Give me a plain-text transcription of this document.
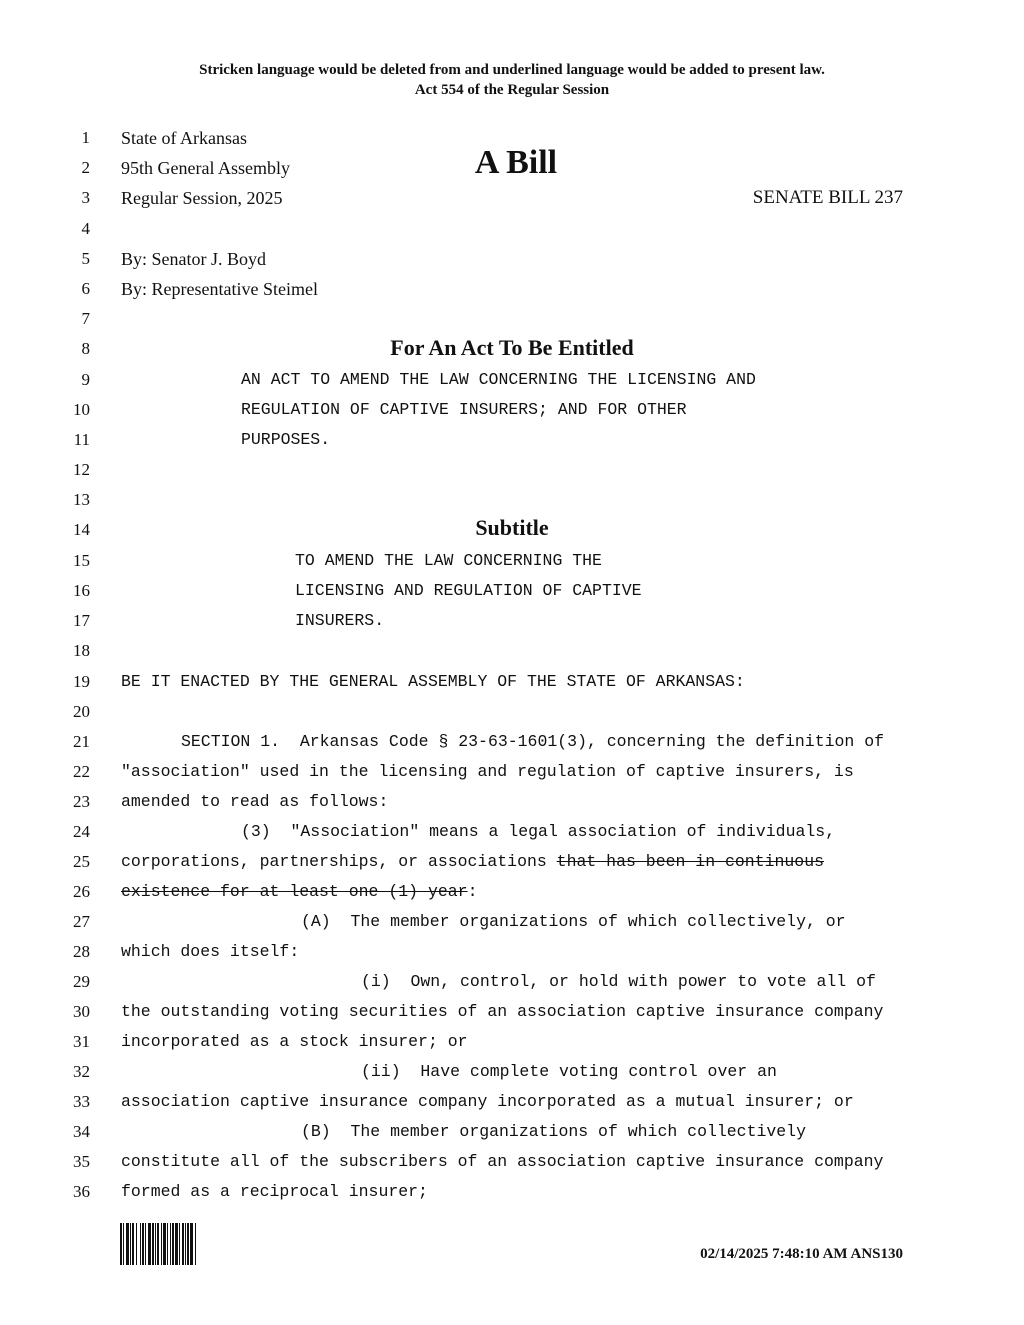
Stricken language would be deleted from and underlined language would be added to present law.
Act 554 of the Regular Session
1
2
3
4
5
6
7
8
9
10
11
12
13
14
15
16
17
18
19
20
21
22
23
24
25
26
27
28
29
30
31
32
33
34
35
36
State of Arkansas
95th General Assembly
Regular Session, 2025
A Bill
SENATE BILL 237
By: Senator J. Boyd
By: Representative Steimel
For An Act To Be Entitled
AN ACT TO AMEND THE LAW CONCERNING THE LICENSING AND
REGULATION OF CAPTIVE INSURERS; AND FOR OTHER
PURPOSES.
Subtitle
TO AMEND THE LAW CONCERNING THE
LICENSING AND REGULATION OF CAPTIVE
INSURERS.
BE IT ENACTED BY THE GENERAL ASSEMBLY OF THE STATE OF ARKANSAS:
SECTION 1.  Arkansas Code § 23-63-1601(3), concerning the definition of
"association" used in the licensing and regulation of captive insurers, is
amended to read as follows:
(3)  "Association" means a legal association of individuals,
corporations, partnerships, or associations that has been in continuous
existence for at least one (1) year:
(A)  The member organizations of which collectively, or
which does itself:
(i)  Own, control, or hold with power to vote all of
the outstanding voting securities of an association captive insurance company
incorporated as a stock insurer; or
(ii)  Have complete voting control over an
association captive insurance company incorporated as a mutual insurer; or
(B)  The member organizations of which collectively
constitute all of the subscribers of an association captive insurance company
formed as a reciprocal insurer;
02/14/2025 7:48:10 AM ANS130
